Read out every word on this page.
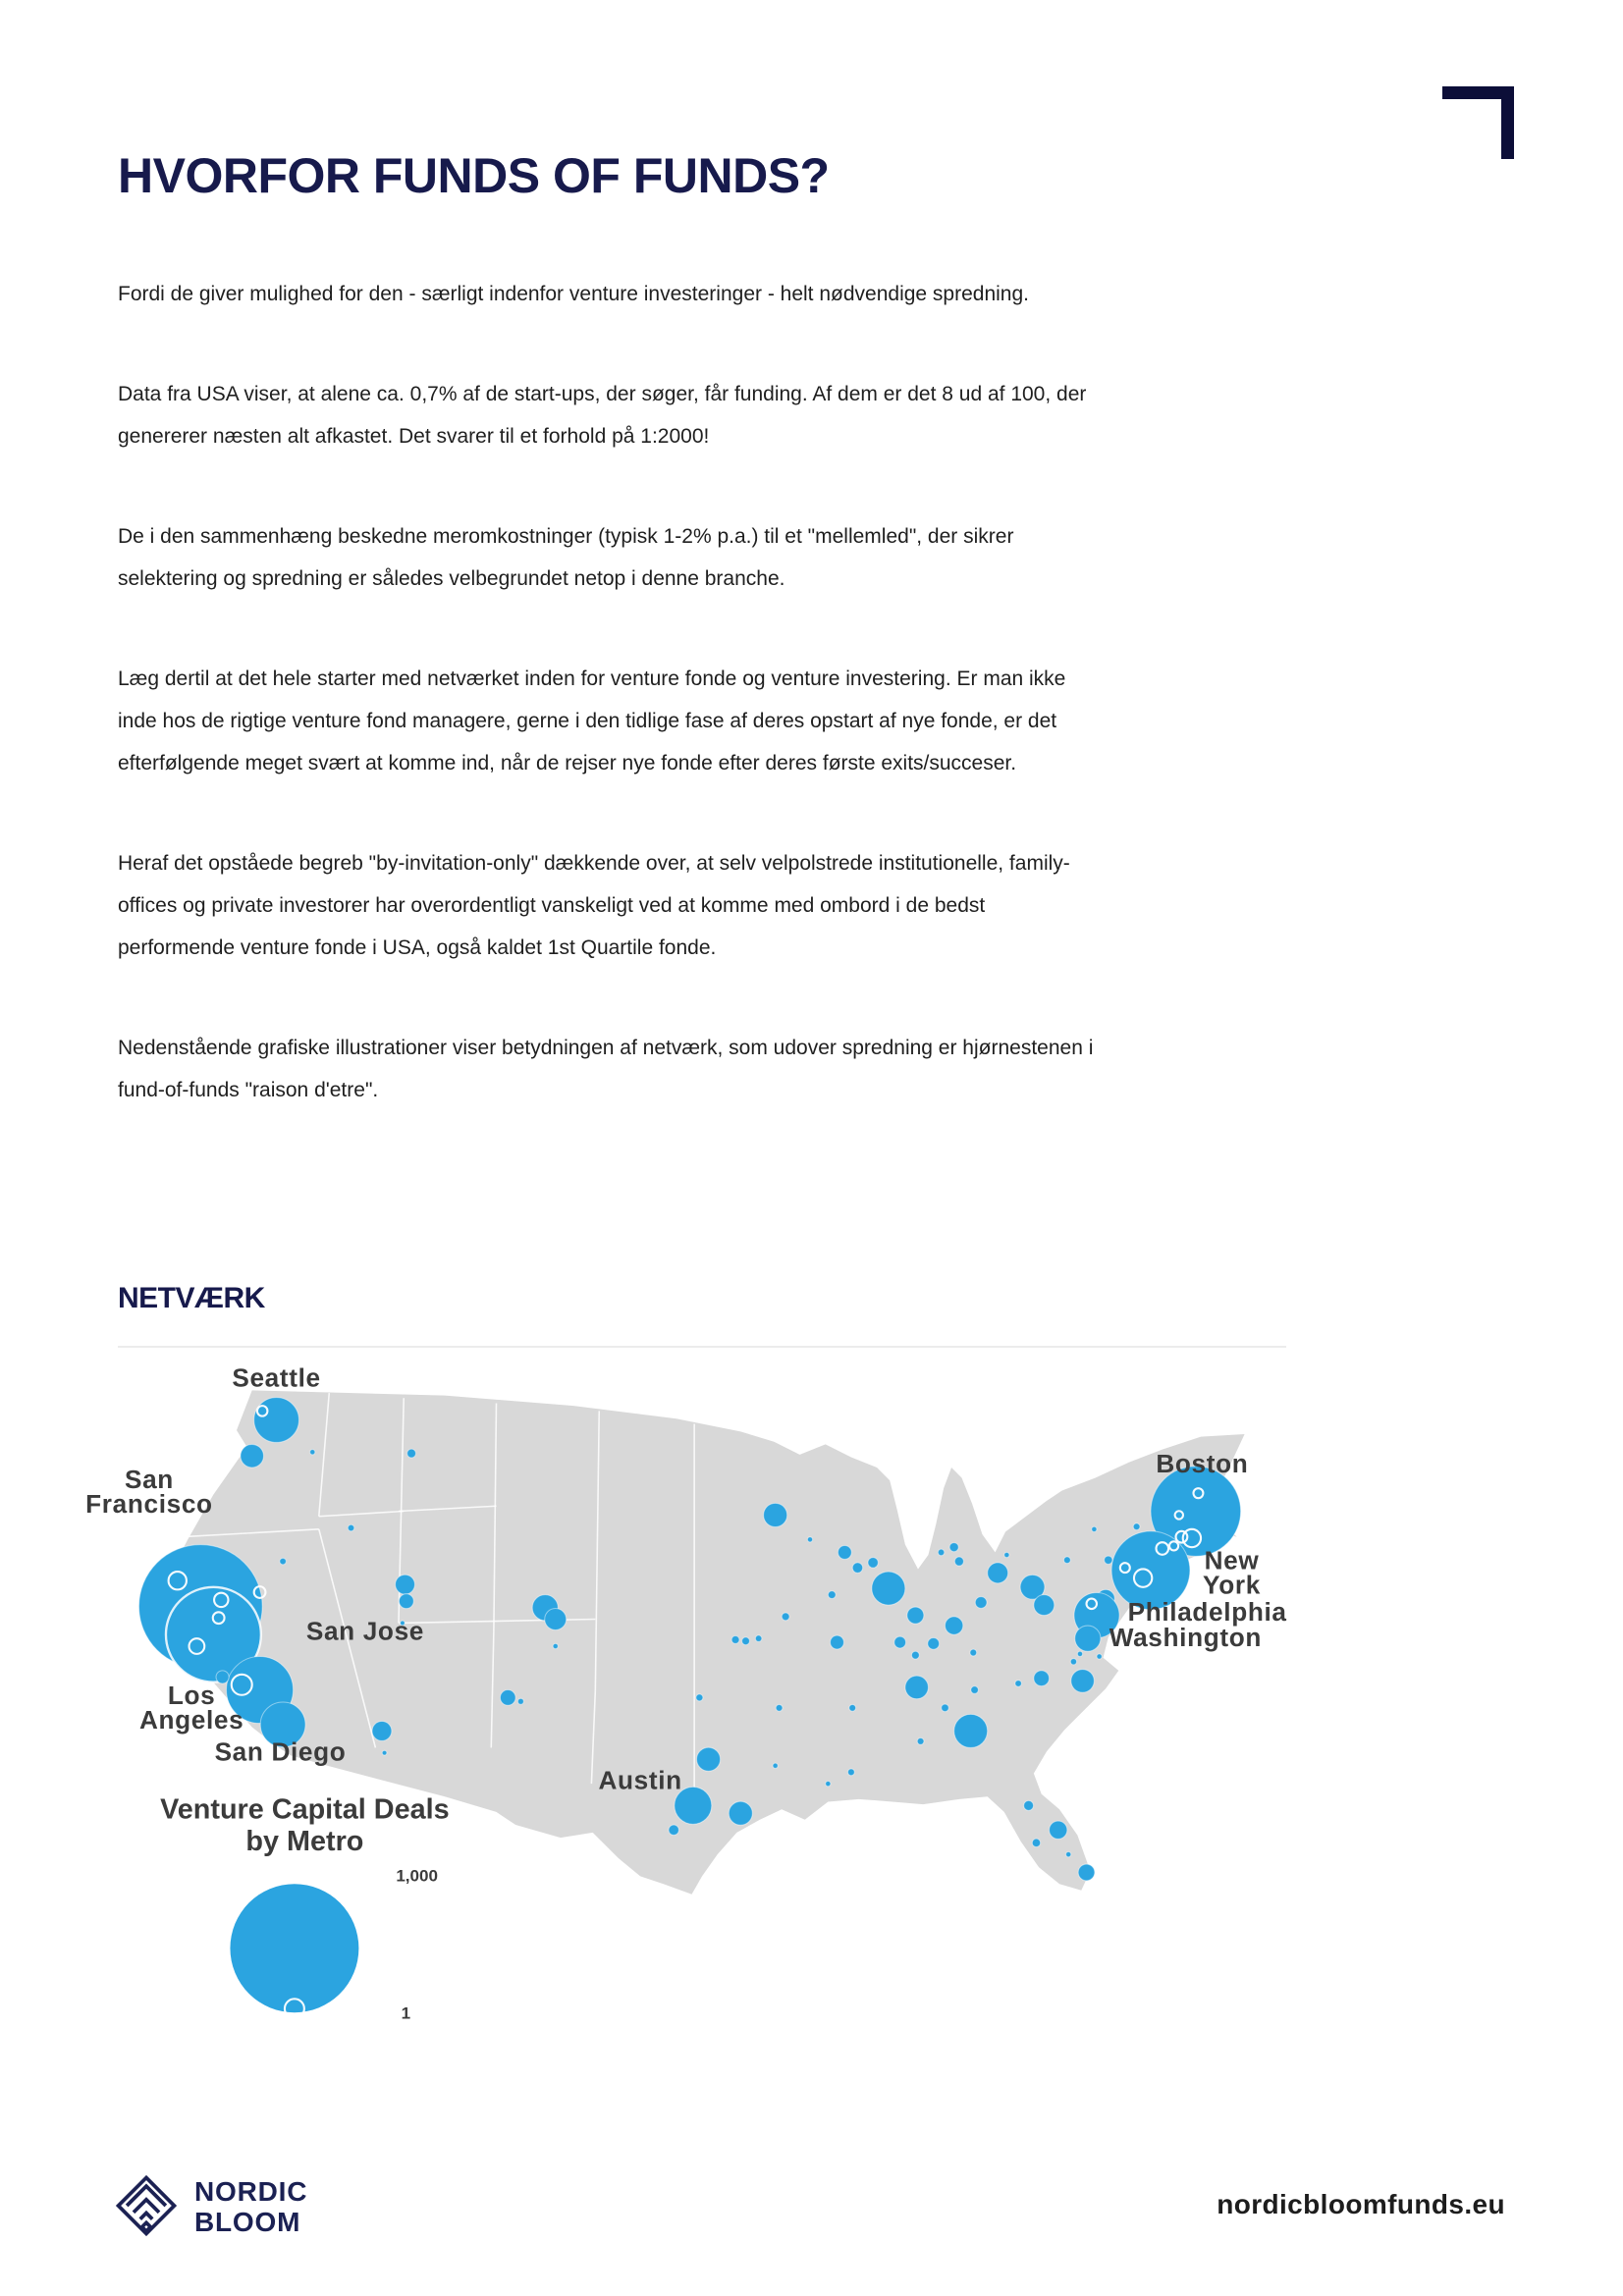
HVORFOR FUNDS OF FUNDS?

Fordi de giver mulighed for den - særligt indenfor venture investeringer - helt nødvendige spredning.

Data fra USA viser, at alene ca. 0,7% af de start-ups, der søger, får funding. Af dem er det 8 ud af 100, der genererer næsten alt afkastet. Det svarer til et forhold på 1:2000!

De i den sammenhæng beskedne meromkostninger (typisk 1-2% p.a.) til et "mellemled", der sikrer selektering og spredning er således velbegrundet netop i denne branche.

Læg dertil at det hele starter med netværket inden for venture fonde og venture investering. Er man ikke inde hos de rigtige venture fond managere, gerne i den tidlige fase af deres opstart af nye fonde, er det efterfølgende meget svært at komme ind, når de rejser nye fonde efter deres første exits/succeser.

Heraf det opståede begreb "by-invitation-only" dækkende over, at selv velpolstrede institutionelle, family-offices og private investorer har overordentligt vanskeligt ved at komme med ombord i de bedst performende venture fonde i USA, også kaldet 1st Quartile fonde.

Nedenstående grafiske illustrationer viser betydningen af netværk, som udover spredning er hjørnestenen i fund-of-funds "raison d'etre".

NETVÆRK
Seattle
San Francisco
San Jose
Los Angeles
San Diego
Austin
Boston
New York
Philadelphia
Washington
Venture Capital Deals by Metro
1,000
1
NORDIC
BLOOM
nordicbloomfunds.eu
